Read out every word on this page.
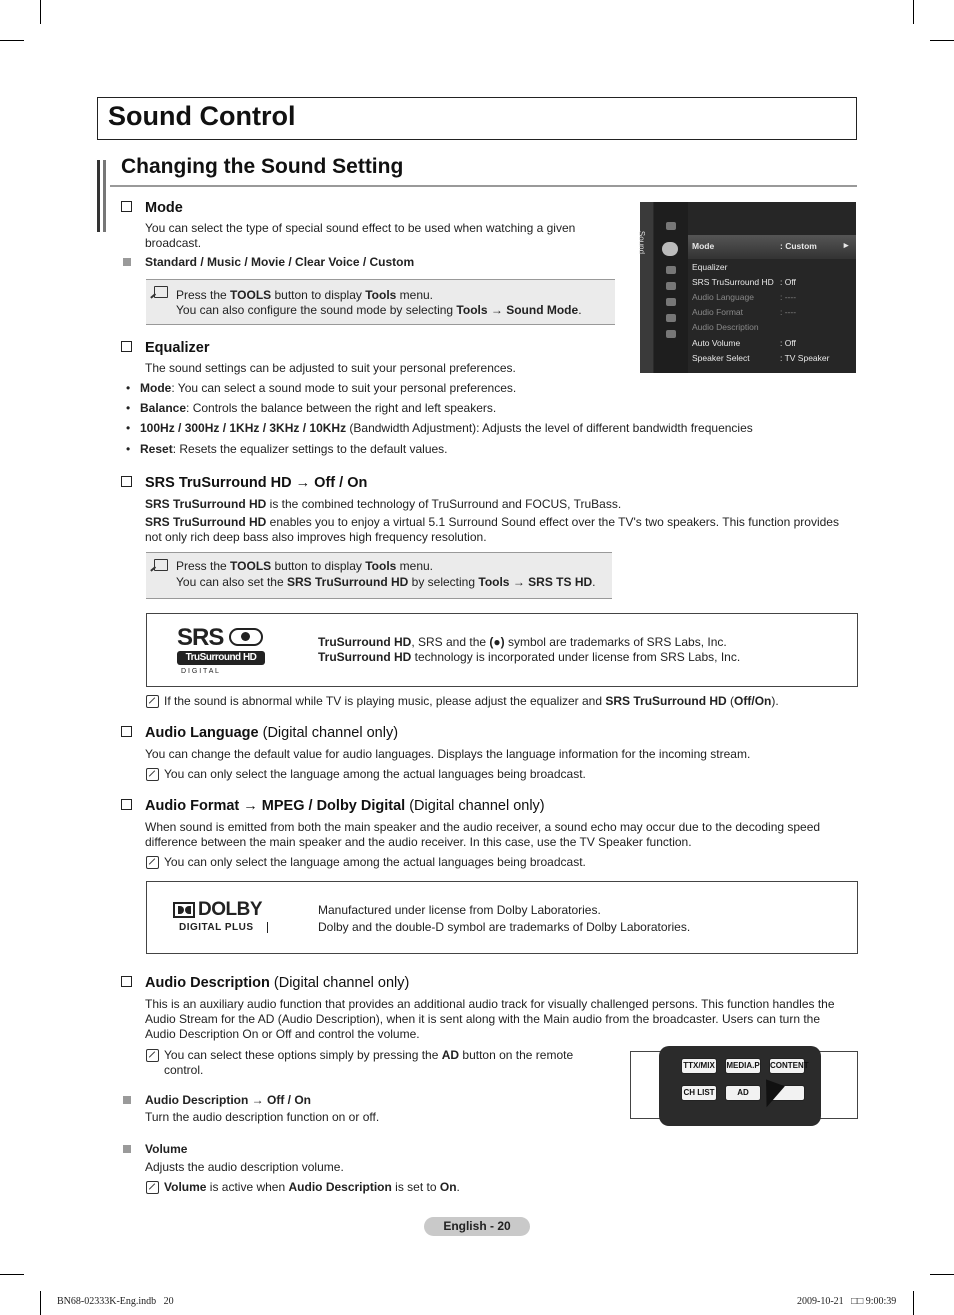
Sound Control
Changing the Sound Setting
Mode
You can select the type of special sound effect to be used when watching a given
broadcast.
Standard / Music / Movie / Clear Voice / Custom
Press the TOOLS button to display Tools menu.
You can also configure the sound mode by selecting Tools → Sound Mode.
Sound	Mode	: Custom	►
Equalizer
SRS TruSurround HD : Off
Audio Language	: ----
Audio Format	: ----
Audio Description
Auto Volume	: Off
Speaker Select	: TV Speaker
Equalizer
The sound settings can be adjusted to suit your personal preferences.
• Mode: You can select a sound mode to suit your personal preferences.
• Balance: Controls the balance between the right and left speakers.
• 100Hz / 300Hz / 1KHz / 3KHz / 10KHz (Bandwidth Adjustment): Adjusts the level of different bandwidth frequencies
• Reset: Resets the equalizer settings to the default values.
SRS TruSurround HD → Off / On
SRS TruSurround HD is the combined technology of TruSurround and FOCUS, TruBass.
SRS TruSurround HD enables you to enjoy a virtual 5.1 Surround Sound effect over the TV's two speakers. This function provides
not only rich deep bass also improves high frequency resolution.
Press the TOOLS button to display Tools menu.
You can also set the SRS TruSurround HD by selecting Tools → SRS TS HD.
SRS
TruSurround HD
D I G I T A L
TruSurround HD, SRS and the (●) symbol are trademarks of SRS Labs, Inc.
TruSurround HD technology is incorporated under license from SRS Labs, Inc.
If the sound is abnormal while TV is playing music, please adjust the equalizer and SRS TruSurround HD (Off/On).
Audio Language (Digital channel only)
You can change the default value for audio languages. Displays the language information for the incoming stream.
You can only select the language among the actual languages being broadcast.
Audio Format → MPEG / Dolby Digital (Digital channel only)
When sound is emitted from both the main speaker and the audio receiver, a sound echo may occur due to the decoding speed
difference between the main speaker and the audio receiver. In this case, use the TV Speaker function.
You can only select the language among the actual languages being broadcast.
DOLBY
DIGITAL PLUS
Manufactured under license from Dolby Laboratories.
Dolby and the double-D symbol are trademarks of Dolby Laboratories.
Audio Description (Digital channel only)
This is an auxiliary audio function that provides an additional audio track for visually challenged persons. This function handles the
Audio Stream for the AD (Audio Description), when it is sent along with the Main audio from the broadcaster. Users can turn the
Audio Description On or Off and control the volume.
You can select these options simply by pressing the AD button on the remote
control.	TTX/MIX MEDIA.P CONTENT
CH LIST	AD
Audio Description → Off / On
Turn the audio description function on or off.
Volume
Adjusts the audio description volume.
Volume is active when Audio Description is set to On.
English - 20
BN68-02333K-Eng.indb   20	2009-10-21   □□ 9:00:39
